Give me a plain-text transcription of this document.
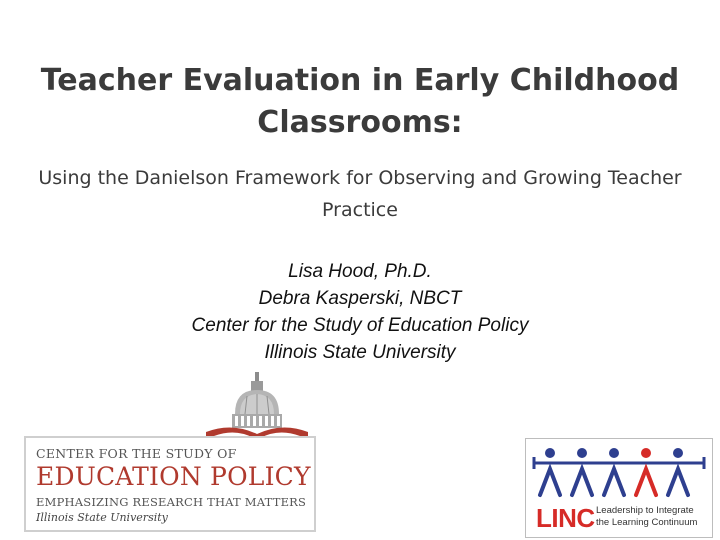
Teacher Evaluation in Early Childhood Classrooms:

Using the Danielson Framework for Observing and Growing Teacher Practice

Lisa Hood, Ph.D.
Debra Kasperski, NBCT
Center for the Study of Education Policy
Illinois State University
CENTER FOR THE STUDY OF
EDUCATION POLICY
EMPHASIZING RESEARCH THAT MATTERS
Illinois State University	LINC Leadership to Integrate the Learning Continuum
